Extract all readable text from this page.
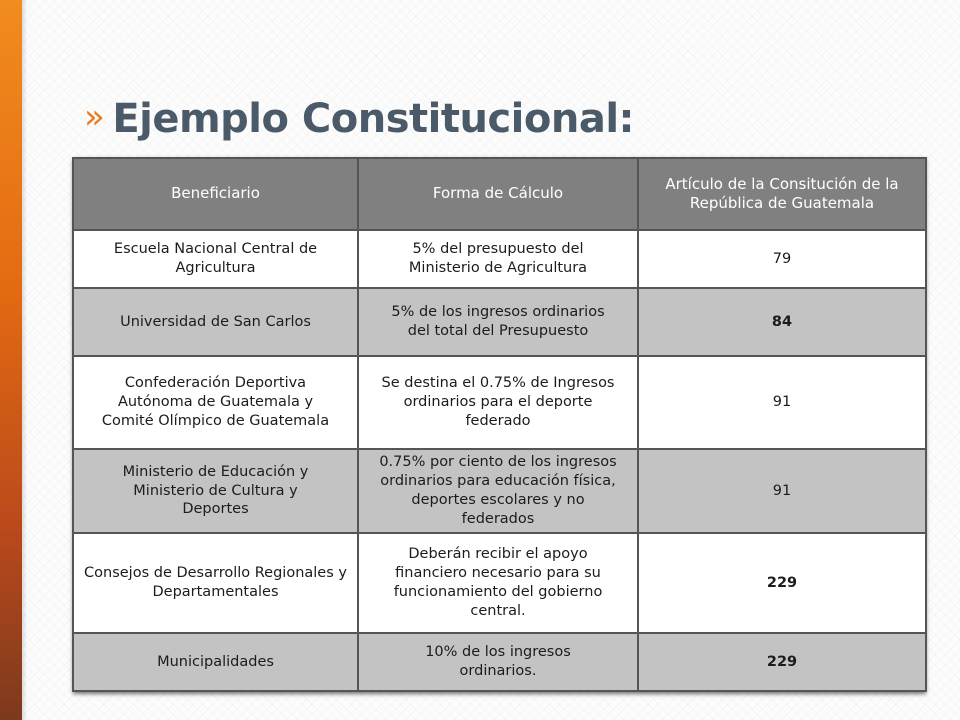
» Ejemplo Constitucional:
Beneficiario	Forma de Cálculo	Artículo de la Consitución de la República de Guatemala
Escuela Nacional Central de Agricultura	5% del presupuesto del Ministerio de Agricultura	79
Universidad de San Carlos	5% de los ingresos ordinarios del total del Presupuesto	84
Confederación Deportiva Autónoma de Guatemala y Comité Olímpico de Guatemala	Se destina el 0.75% de Ingresos ordinarios para el deporte federado	91
Ministerio de Educación y Ministerio de Cultura y Deportes	0.75% por ciento de los ingresos ordinarios para educación física, deportes escolares y no federados	91
Consejos de Desarrollo Regionales y Departamentales	Deberán recibir el apoyo financiero necesario para su funcionamiento del gobierno central.	229
Municipalidades	10% de los ingresos ordinarios.	229
